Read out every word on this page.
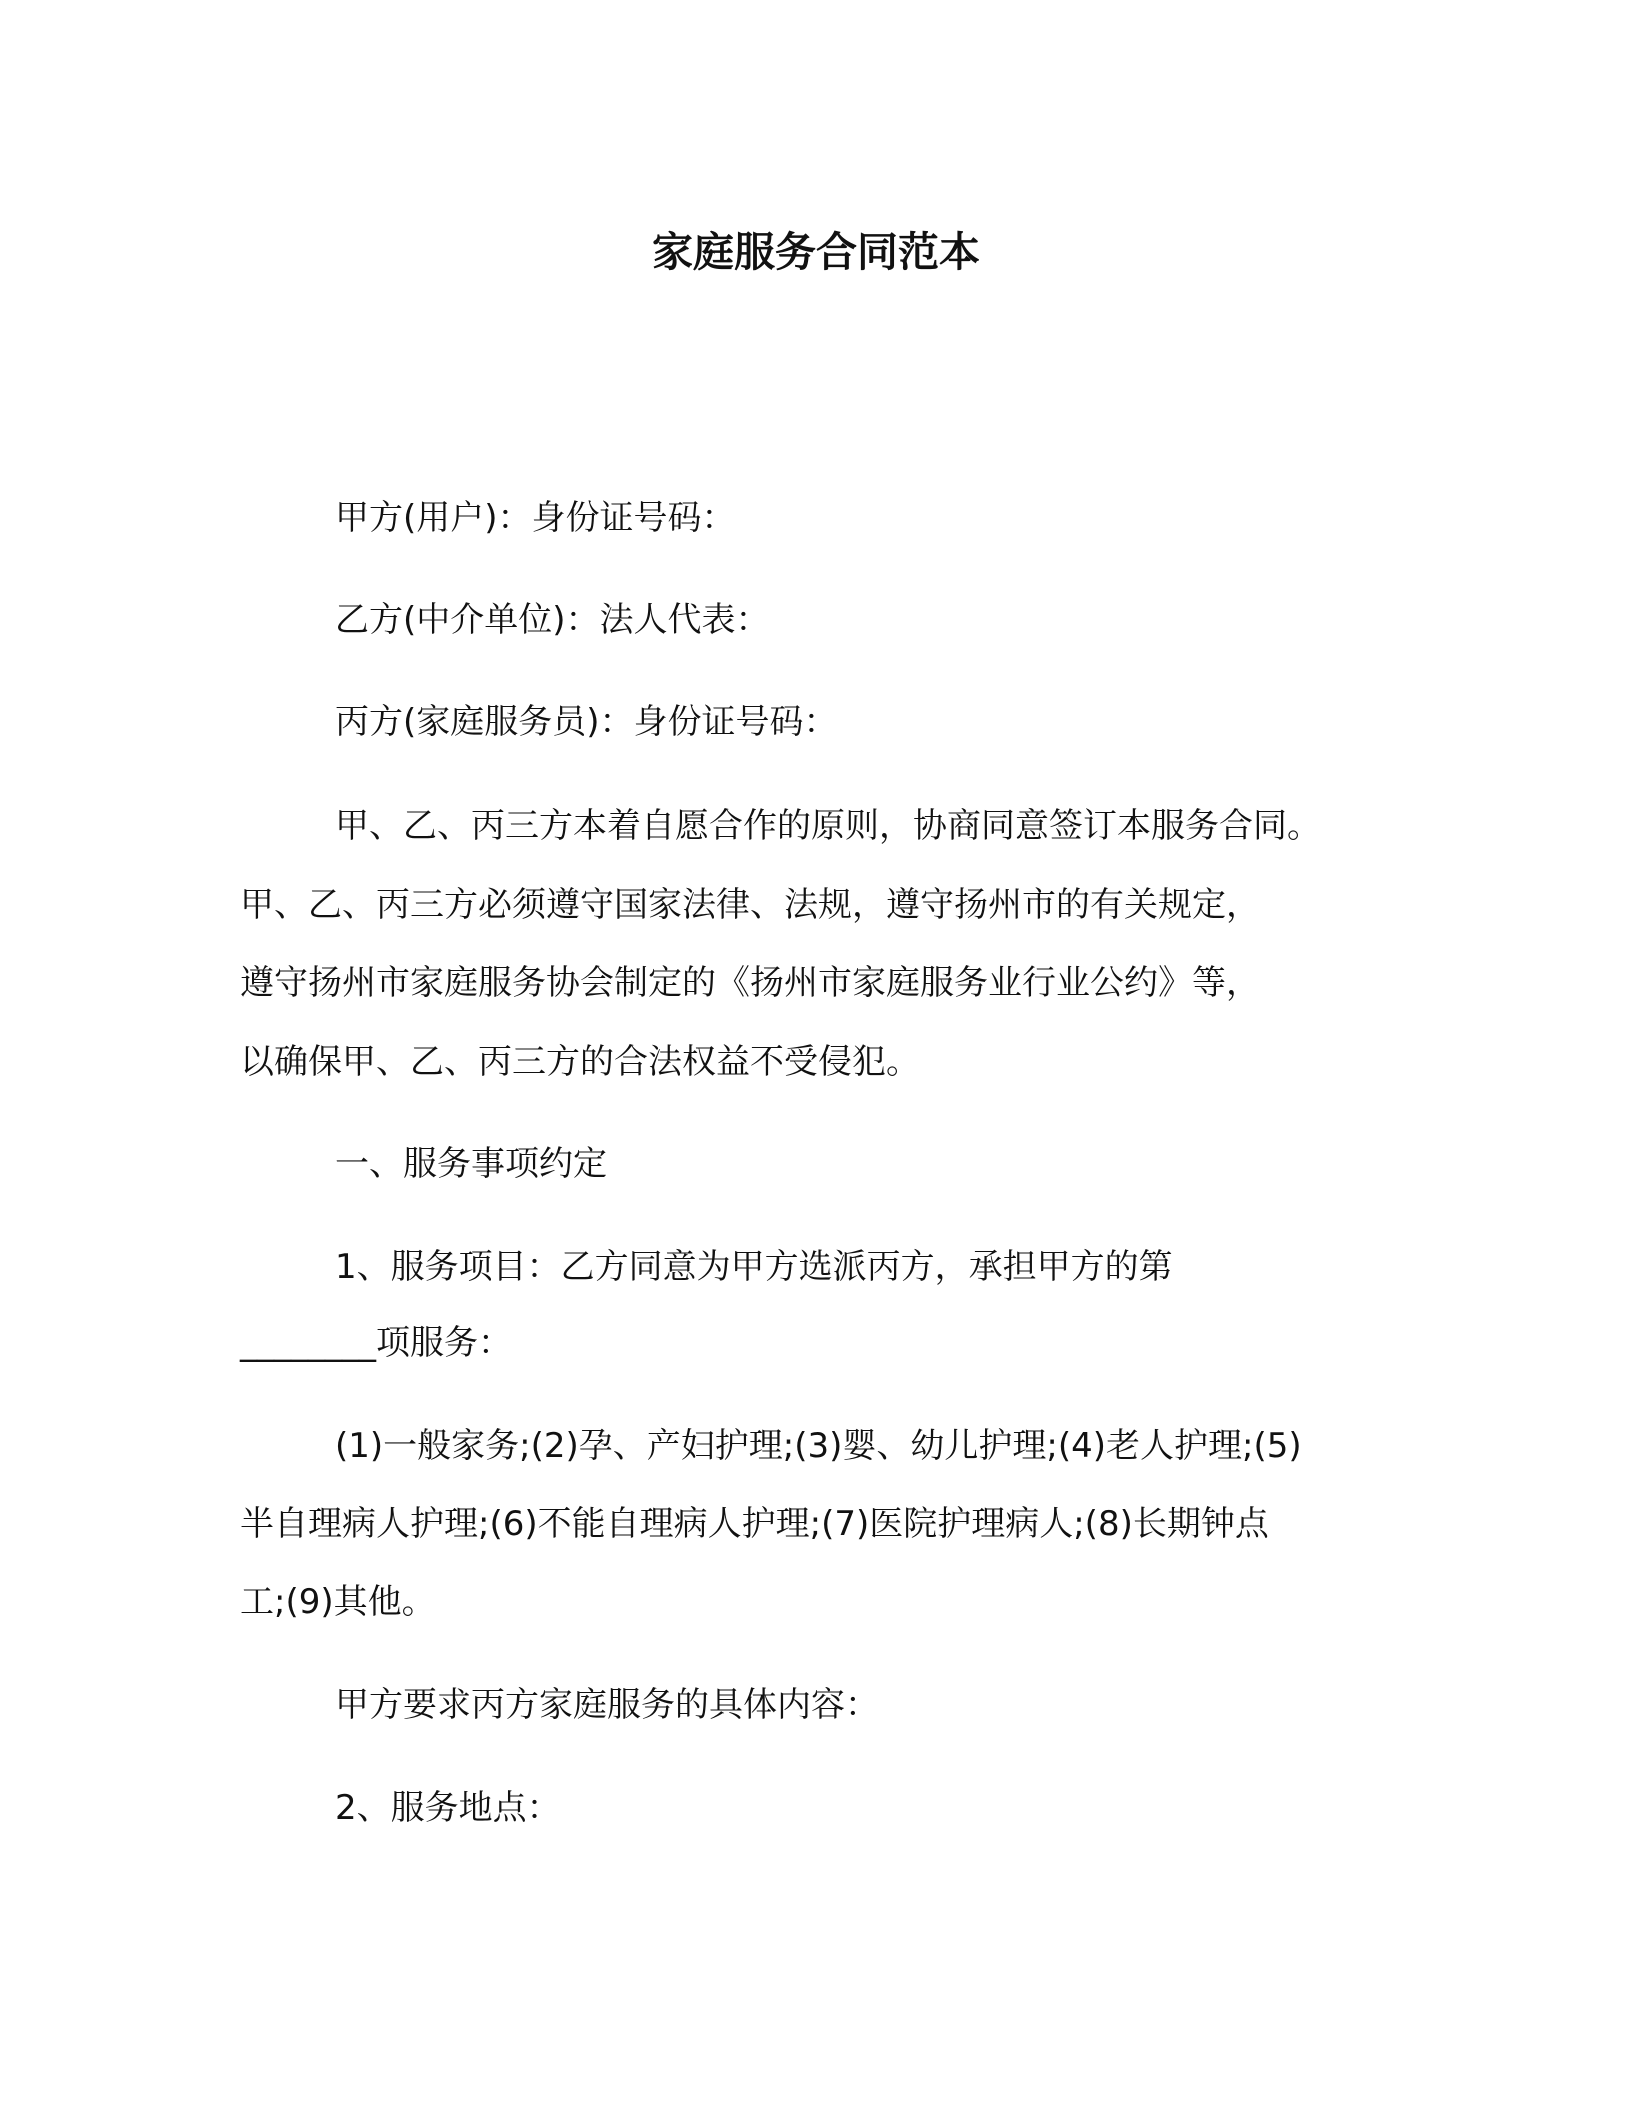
家庭服务合同范本

甲方(用户)：身份证号码：

乙方(中介单位)：法人代表：

丙方(家庭服务员)：身份证号码：

甲、乙、丙三方本着自愿合作的原则，协商同意签订本服务合同。

甲、乙、丙三方必须遵守国家法律、法规，遵守扬州市的有关规定，

遵守扬州市家庭服务协会制定的《扬州市家庭服务业行业公约》等，

以确保甲、乙、丙三方的合法权益不受侵犯。

一、服务事项约定

1、服务项目：乙方同意为甲方选派丙方，承担甲方的第

________项服务：

(1)一般家务;(2)孕、产妇护理;(3)婴、幼儿护理;(4)老人护理;(5)

半自理病人护理;(6)不能自理病人护理;(7)医院护理病人;(8)长期钟点

工;(9)其他。

甲方要求丙方家庭服务的具体内容：

2、服务地点：
